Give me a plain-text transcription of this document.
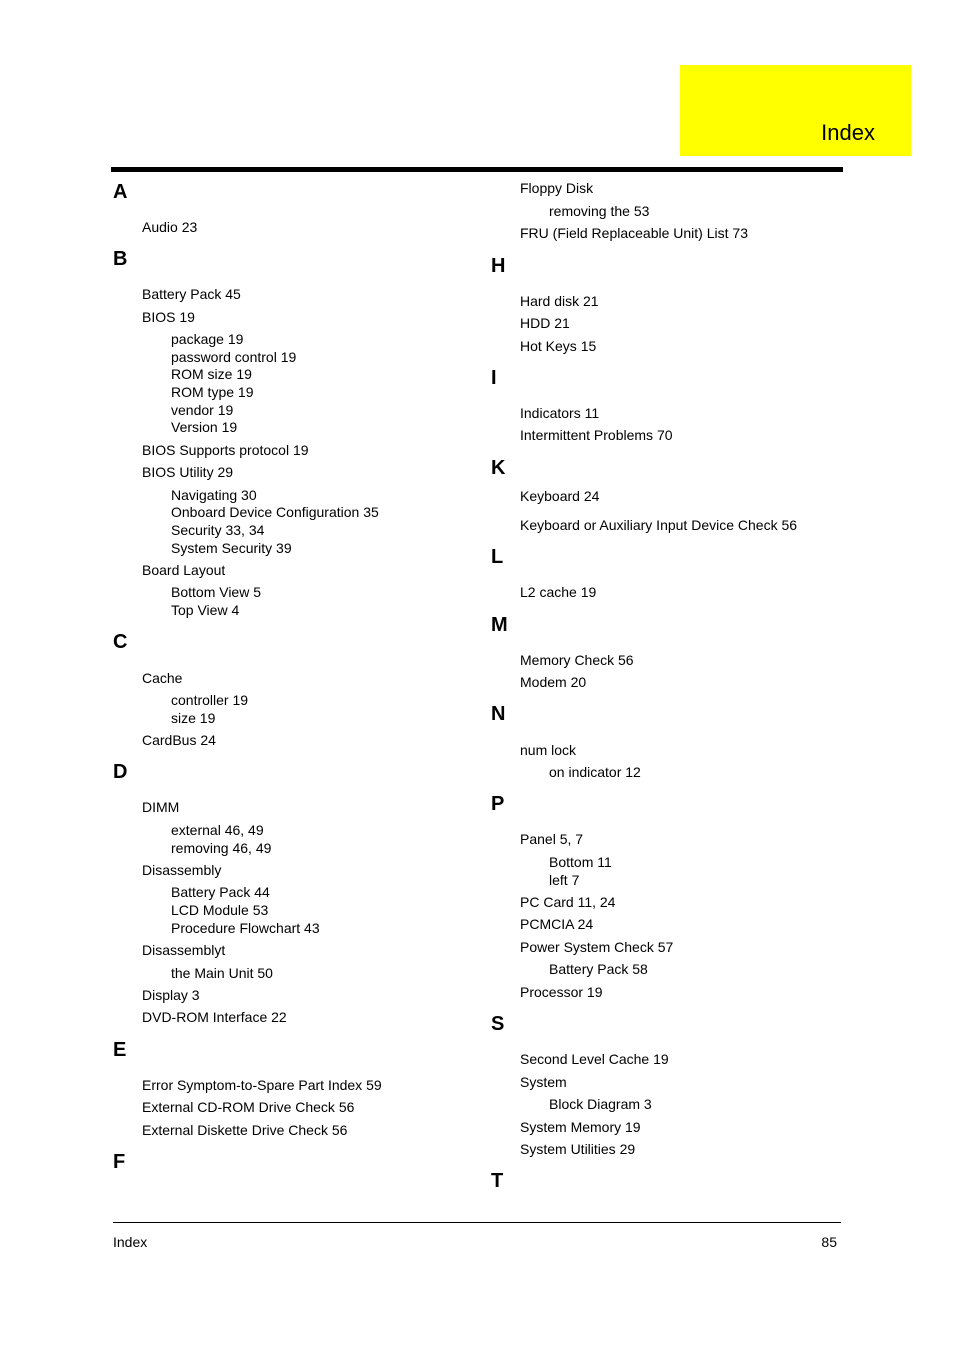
Index
A
Audio 23
B
Battery Pack 45
BIOS 19
package 19
password control 19
ROM size 19
ROM type 19
vendor 19
Version 19
BIOS Supports protocol 19
BIOS Utility 29
Navigating 30
Onboard Device Configuration 35
Security 33, 34
System Security 39
Board Layout
Bottom View 5
Top View 4
C
Cache
controller 19
size 19
CardBus 24
D
DIMM
external 46, 49
removing 46, 49
Disassembly
Battery Pack 44
LCD Module 53
Procedure Flowchart 43
Disassemblyt
the Main Unit 50
Display 3
DVD-ROM Interface 22
E
Error Symptom-to-Spare Part Index 59
External CD-ROM Drive Check 56
External Diskette Drive Check 56
F
Floppy Disk
removing the 53
FRU (Field Replaceable Unit) List 73
H
Hard disk 21
HDD 21
Hot Keys 15
I
Indicators 11
Intermittent Problems 70
K
Keyboard 24
Keyboard or Auxiliary Input Device Check 56
L
L2 cache 19
M
Memory Check 56
Modem 20
N
num lock
on indicator 12
P
Panel 5, 7
Bottom 11
left 7
PC Card 11, 24
PCMCIA 24
Power System Check 57
Battery Pack 58
Processor 19
S
Second Level Cache 19
System
Block Diagram 3
System Memory 19
System Utilities 29
T
Index	85
